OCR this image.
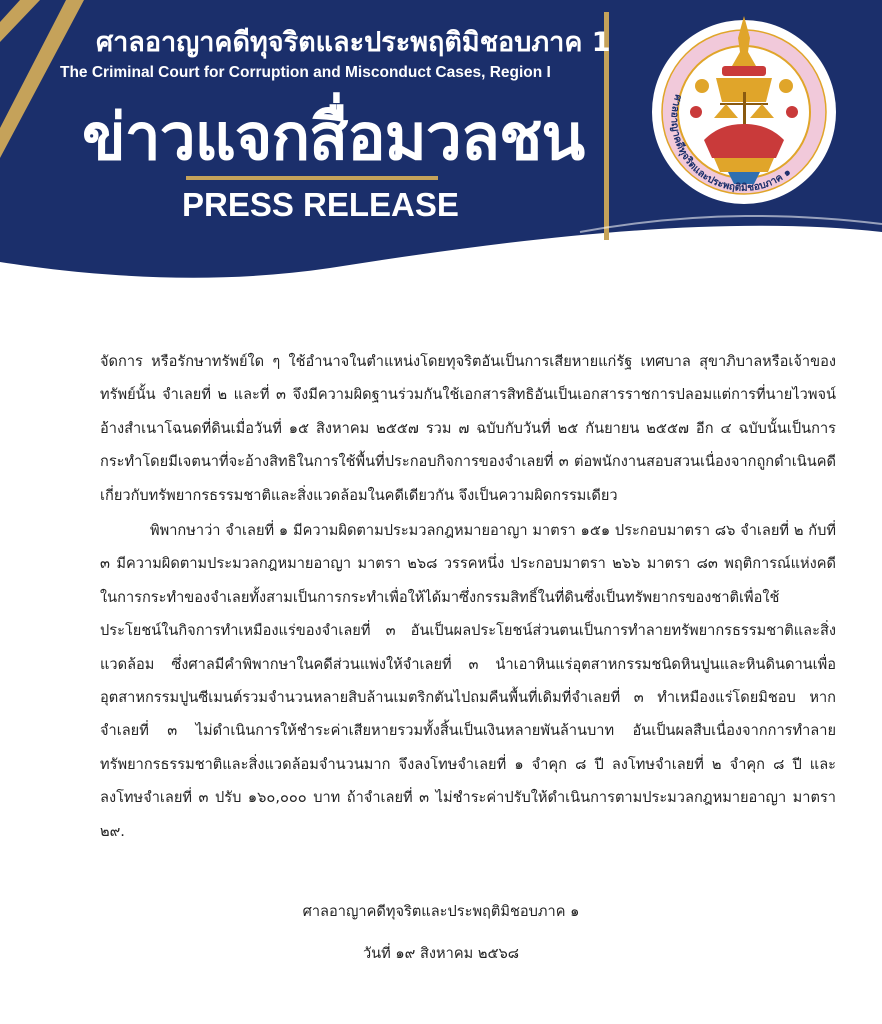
ศาลอาญาคดีทุจริตและประพฤติมิชอบภาค 1
The Criminal Court for Corruption and Misconduct Cases, Region I
ข่าวแจกสื่อมวลชน
PRESS RELEASE
๑๙ สิงหาคม ๒๕๖๘ ฉบับที่ ๓/๒๕๖๘
ศาลอาญาคดีทุจริตและประพฤติมิชอบภาค ๑

จัดการ หรือรักษาทรัพย์ใด ๆ ใช้อำนาจในตำแหน่งโดยทุจริตอันเป็นการเสียหายแก่รัฐ เทศบาล สุขาภิบาลหรือเจ้าของทรัพย์นั้น จำเลยที่ ๒ และที่ ๓ จึงมีความผิดฐานร่วมกันใช้เอกสารสิทธิอันเป็นเอกสารราชการปลอมแต่การที่นายไวพจน์อ้างสำเนาโฉนดที่ดินเมื่อวันที่ ๑๕ สิงหาคม ๒๕๕๗ รวม ๗ ฉบับกับวันที่ ๒๕ กันยายน ๒๕๕๗ อีก ๔ ฉบับนั้นเป็นการกระทำโดยมีเจตนาที่จะอ้างสิทธิในการใช้พื้นที่ประกอบกิจการของจำเลยที่ ๓ ต่อพนักงานสอบสวนเนื่องจากถูกดำเนินคดีเกี่ยวกับทรัพยากรธรรมชาติและสิ่งแวดล้อมในคดีเดียวกัน จึงเป็นความผิดกรรมเดียว

พิพากษาว่า จำเลยที่ ๑ มีความผิดตามประมวลกฎหมายอาญา มาตรา ๑๕๑ ประกอบมาตรา ๘๖ จำเลยที่ ๒ กับที่ ๓ มีความผิดตามประมวลกฎหมายอาญา มาตรา ๒๖๘ วรรคหนึ่ง ประกอบมาตรา ๒๖๖ มาตรา ๘๓ พฤติการณ์แห่งคดีในการกระทำของจำเลยทั้งสามเป็นการกระทำเพื่อให้ได้มาซึ่งกรรมสิทธิ์ในที่ดินซึ่งเป็นทรัพยากรของชาติเพื่อใช้ประโยชน์ในกิจการทำเหมืองแร่ของจำเลยที่ ๓ อันเป็นผลประโยชน์ส่วนตนเป็นการทำลายทรัพยากรธรรมชาติและสิ่งแวดล้อม ซึ่งศาลมีคำพิพากษาในคดีส่วนแพ่งให้จำเลยที่ ๓ นำเอาหินแร่อุตสาหกรรมชนิดหินปูนและหินดินดานเพื่ออุตสาหกรรมปูนซีเมนต์รวมจำนวนหลายสิบล้านเมตริกตันไปถมคืนพื้นที่เดิมที่จำเลยที่ ๓ ทำเหมืองแร่โดยมิชอบ หากจำเลยที่ ๓ ไม่ดำเนินการให้ชำระค่าเสียหายรวมทั้งสิ้นเป็นเงินหลายพันล้านบาท อันเป็นผลสืบเนื่องจากการทำลายทรัพยากรธรรมชาติและสิ่งแวดล้อมจำนวนมาก จึงลงโทษจำเลยที่ ๑ จำคุก ๘ ปี ลงโทษจำเลยที่ ๒ จำคุก ๘ ปี และลงโทษจำเลยที่ ๓ ปรับ ๑๖๐,๐๐๐ บาท ถ้าจำเลยที่ ๓ ไม่ชำระค่าปรับให้ดำเนินการตามประมวลกฎหมายอาญา มาตรา ๒๙.

ศาลอาญาคดีทุจริตและประพฤติมิชอบภาค ๑
วันที่ ๑๙ สิงหาคม ๒๕๖๘
